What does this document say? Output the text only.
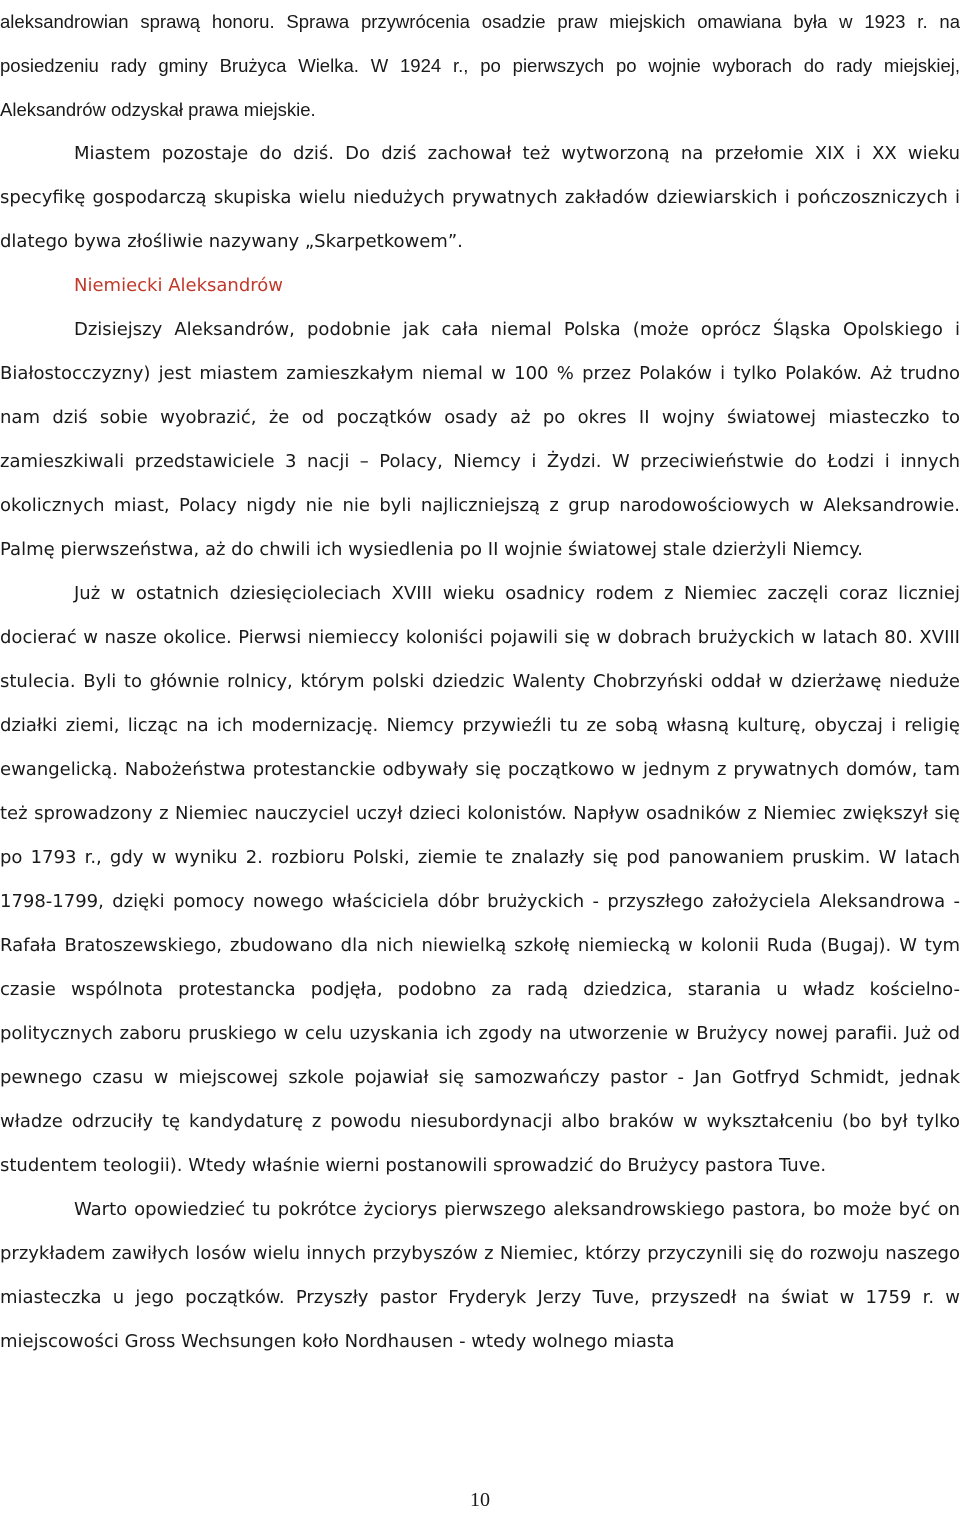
aleksandrowian sprawą honoru. Sprawa przywrócenia osadzie praw miejskich omawiana była w 1923 r. na posiedzeniu rady gminy Brużyca Wielka. W 1924 r., po pierwszych po wojnie wyborach do rady miejskiej, Aleksandrów odzyskał prawa miejskie.

Miastem pozostaje do dziś. Do dziś zachował też wytworzoną na przełomie XIX i XX wieku specyfikę gospodarczą skupiska wielu niedużych prywatnych zakładów dziewiarskich i pończoszniczych i dlatego bywa złośliwie nazywany „Skarpetkowem”.

Niemiecki Aleksandrów

Dzisiejszy Aleksandrów, podobnie jak cała niemal Polska (może oprócz Śląska Opolskiego i Białostocczyzny) jest miastem zamieszkałym niemal w 100 % przez Polaków i tylko Polaków. Aż trudno nam dziś sobie wyobrazić, że od początków osady aż po okres II wojny światowej miasteczko to zamieszkiwali przedstawiciele 3 nacji – Polacy, Niemcy i Żydzi. W przeciwieństwie do Łodzi i innych okolicznych miast, Polacy nigdy nie nie byli najliczniejszą z grup narodowościowych w Aleksandrowie. Palmę pierwszeństwa, aż do chwili ich wysiedlenia po II wojnie światowej stale dzierżyli Niemcy.

Już w ostatnich dziesięcioleciach XVIII wieku osadnicy rodem z Niemiec zaczęli coraz liczniej docierać w nasze okolice. Pierwsi niemieccy koloniści pojawili się w dobrach brużyckich w latach 80. XVIII stulecia. Byli to głównie rolnicy, którym polski dziedzic Walenty Chobrzyński oddał w dzierżawę nieduże działki ziemi, licząc na ich modernizację. Niemcy przywieźli tu ze sobą własną kulturę, obyczaj i religię ewangelicką. Nabożeństwa protestanckie odbywały się początkowo w jednym z prywatnych domów, tam też sprowadzony z Niemiec nauczyciel uczył dzieci kolonistów. Napływ osadników z Niemiec zwiększył się po 1793 r., gdy w wyniku 2. rozbioru Polski, ziemie te znalazły się pod panowaniem pruskim. W latach 1798-1799, dzięki pomocy nowego właściciela dóbr brużyckich - przyszłego założyciela Aleksandrowa - Rafała Bratoszewskiego, zbudowano dla nich niewielką szkołę niemiecką w kolonii Ruda (Bugaj). W tym czasie wspólnota protestancka podjęła, podobno za radą dziedzica, starania u władz kościelno-politycznych zaboru pruskiego w celu uzyskania ich zgody na utworzenie w Brużycy nowej parafii. Już od pewnego czasu w miejscowej szkole pojawiał się samozwańczy pastor - Jan Gotfryd Schmidt, jednak władze odrzuciły tę kandydaturę z powodu niesubordynacji albo braków w wykształceniu (bo był tylko studentem teologii). Wtedy właśnie wierni postanowili sprowadzić do Brużycy pastora Tuve.

Warto opowiedzieć tu pokrótce życiorys pierwszego aleksandrowskiego pastora, bo może być on przykładem zawiłych losów wielu innych przybyszów z Niemiec, którzy przyczynili się do rozwoju naszego miasteczka u jego początków. Przyszły pastor Fryderyk Jerzy Tuve, przyszedł na świat w 1759 r. w miejscowości Gross Wechsungen koło Nordhausen - wtedy wolnego miasta

10
